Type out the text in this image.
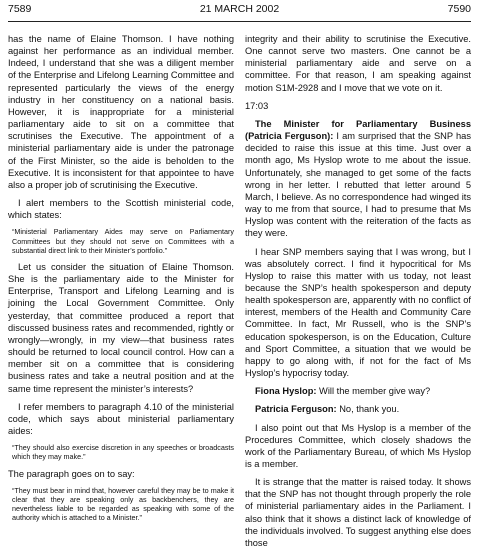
7589	21 MARCH 2002	7590

has the name of Elaine Thomson. I have nothing against her performance as an individual member. Indeed, I understand that she was a diligent member of the Enterprise and Lifelong Learning Committee and represented particularly the views of the energy industry in her constituency on a national basis. However, it is inappropriate for a ministerial parliamentary aide to sit on a committee that scrutinises the Executive. The appointment of a ministerial parliamentary aide is under the patronage of the First Minister, so the aide is beholden to the Executive. It is inconsistent for that appointee to have also a proper job of scrutinising the Executive.

I alert members to the Scottish ministerial code, which states:

“Ministerial Parliamentary Aides may serve on Parliamentary Committees but they should not serve on Committees with a substantial direct link to their Minister’s portfolio.”

Let us consider the situation of Elaine Thomson. She is the parliamentary aide to the Minister for Enterprise, Transport and Lifelong Learning and is joining the Local Government Committee. Only yesterday, that committee produced a report that discussed business rates and recommended, rightly or wrongly—wrongly, in my view—that business rates should be returned to local council control. How can a member sit on a committee that is considering business rates and take a neutral position and at the same time represent the minister’s interests?

I refer members to paragraph 4.10 of the ministerial code, which says about ministerial parliamentary aides:

“They should also exercise discretion in any speeches or broadcasts which they may make.”

The paragraph goes on to say:

“They must bear in mind that, however careful they may be to make it clear that they are speaking only as backbenchers, they are nevertheless liable to be regarded as speaking with some of the authority which is attached to a Minister.”

integrity and their ability to scrutinise the Executive. One cannot serve two masters. One cannot be a ministerial parliamentary aide and serve on a committee. For that reason, I am speaking against motion S1M-2928 and I move that we vote on it.

17:03

The Minister for Parliamentary Business (Patricia Ferguson): I am surprised that the SNP has decided to raise this issue at this time. Just over a month ago, Ms Hyslop wrote to me about the issue. Unfortunately, she managed to get some of the facts wrong in her letter. I rebutted that letter around 5 March, I believe. As no correspondence had winged its way to me from that source, I had to presume that Ms Hyslop was content with the reiteration of the facts as they were.

I hear SNP members saying that I was wrong, but I was absolutely correct. I find it hypocritical for Ms Hyslop to raise this matter with us today, not least because the SNP’s health spokesperson and deputy health spokesperson are, apparently with no conflict of interest, members of the Health and Community Care Committee. In fact, Mr Russell, who is the SNP’s education spokesperson, is on the Education, Culture and Sport Committee, a situation that we would be happy to go along with, if not for the fact of Ms Hyslop’s hypocrisy today.

Fiona Hyslop: Will the member give way?

Patricia Ferguson: No, thank you.

I also point out that Ms Hyslop is a member of the Procedures Committee, which closely shadows the work of the Parliamentary Bureau, of which Ms Hyslop is a member.

It is strange that the matter is raised today. It shows that the SNP has not thought through properly the role of ministerial parliamentary aides in the Parliament. I also think that it shows a distinct lack of knowledge of the individuals involved. To suggest anything else does those
